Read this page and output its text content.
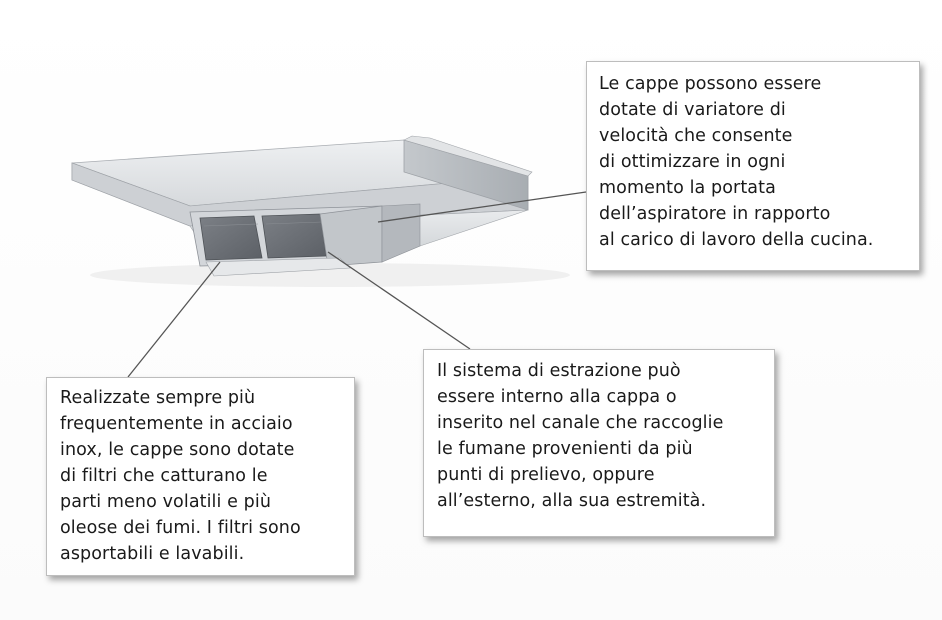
Le cappe possono essere
dotate di variatore di
velocità che consente
di ottimizzare in ogni
momento la portata
dell’aspiratore in rapporto
al carico di lavoro della cucina.
Realizzate sempre più
frequentemente in acciaio
inox, le cappe sono dotate
di filtri che catturano le
parti meno volatili e più
oleose dei fumi. I filtri sono
asportabili e lavabili.
Il sistema di estrazione può
essere interno alla cappa o
inserito nel canale che raccoglie
le fumane provenienti da più
punti di prelievo, oppure
all’esterno, alla sua estremità.
